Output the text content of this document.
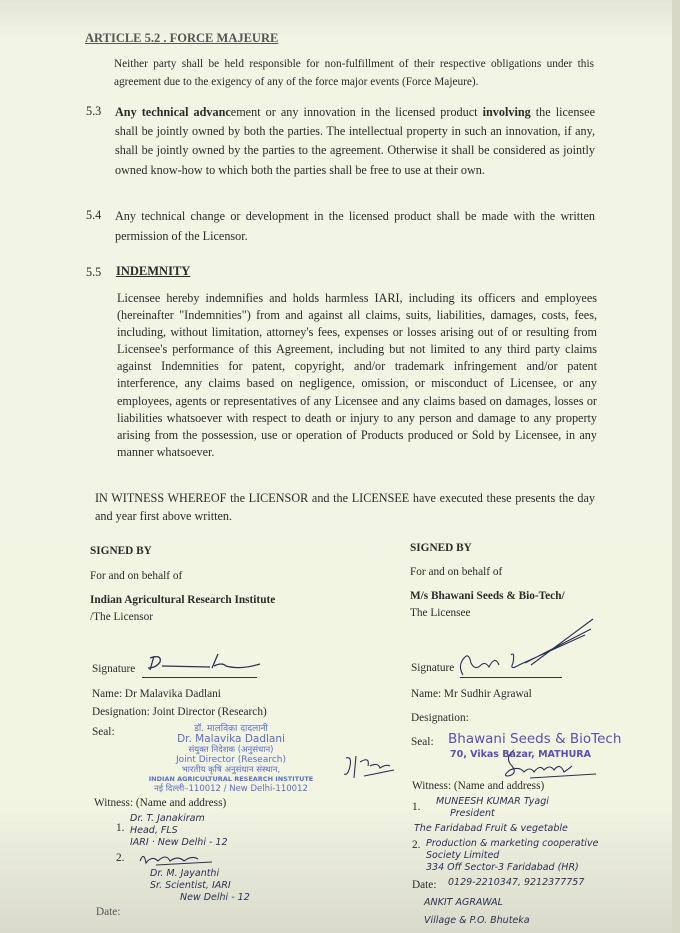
ARTICLE 5.2 . FORCE MAJEURE
Neither party shall be held responsible for non-fulfillment of their respective obligations under this agreement due to the exigency of any of the force major events (Force Majeure).
5.3 Any technical advancement or any innovation in the licensed product involving the licensee shall be jointly owned by both the parties. The intellectual property in such an innovation, if any, shall be jointly owned by the parties to the agreement. Otherwise it shall be considered as jointly owned know-how to which both the parties shall be free to use at their own.
5.4 Any technical change or development in the licensed product shall be made with the written permission of the Licensor.
5.5 INDEMNITY
Licensee hereby indemnifies and holds harmless IARI, including its officers and employees (hereinafter "Indemnities") from and against all claims, suits, liabilities, damages, costs, fees, including, without limitation, attorney's fees, expenses or losses arising out of or resulting from Licensee's performance of this Agreement, including but not limited to any third party claims against Indemnities for patent, copyright, and/or trademark infringement and/or patent interference, any claims based on negligence, omission, or misconduct of Licensee, or any employees, agents or representatives of any Licensee and any claims based on damages, losses or liabilities whatsoever with respect to death or injury to any person and damage to any property arising from the possession, use or operation of Products produced or Sold by Licensee, in any manner whatsoever.
IN WITNESS WHEREOF the LICENSOR and the LICENSEE have executed these presents the day and year first above written.
SIGNED BY
For and on behalf of
Indian Agricultural Research Institute
/The Licensor
Signature
Name: Dr Malavika Dadlani
Designation: Joint Director (Research)
Seal:	डॉ. मालविका दादलानी
Dr. Malavika Dadlani
संयुक्त निदेशक (अनुसंधान)
Joint Director (Research)
भारतीय कृषि अनुसंधान संस्थान,
INDIAN AGRICULTURAL RESEARCH INSTITUTE
नई दिल्ली–110012 / New Delhi-110012
Witness: (Name and address)
1.
Dr. T. Janakiram
Head, FLS
IARI · New Delhi - 12
2.
Dr. M. Jayanthi
Sr. Scientist, IARI
New Delhi - 12
Date:
SIGNED BY
For and on behalf of
M/s Bhawani Seeds & Bio-Tech/
The Licensee
Signature
Name: Mr Sudhir Agrawal
Designation:
Seal: Bhawani Seeds & BioTech
70, Vikas Bazar, MATHURA
Witness: (Name and address)
1. MUNEESH KUMAR Tyagi
President
The Faridabad Fruit & vegetable
2. Production & marketing cooperative
Society Limited
334 Off Sector-3 Faridabad (HR)
Date: 0129-2210347, 9212377757
ANKIT AGRAWAL
Village & P.O. Bhuteka
